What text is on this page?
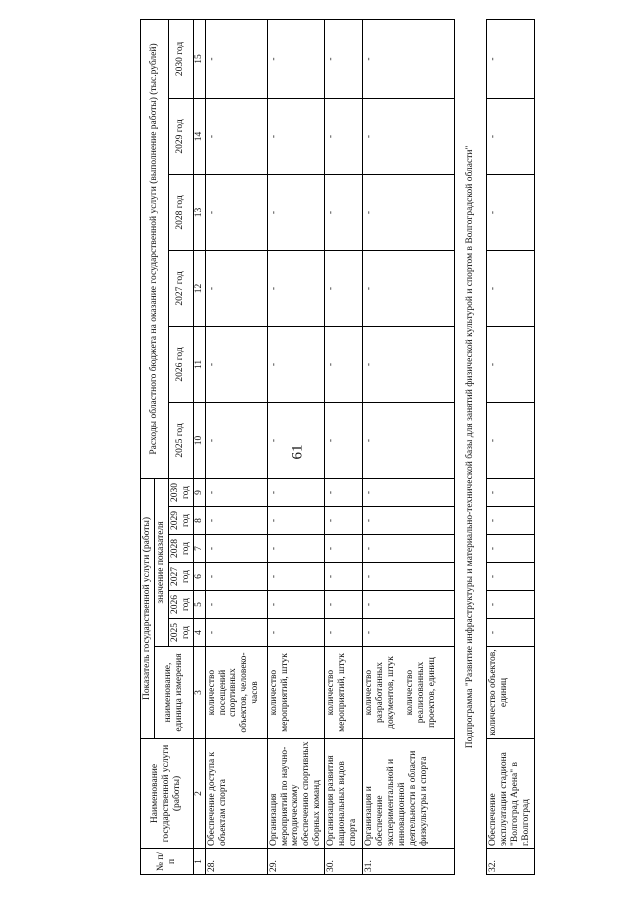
61
№ п/п	Наименование государственной услуги (работы)	Показатель государственной услуги (работы)							Расходы областного бюджета на оказание государственной услуги (выполнение работы) (тыс.рублей)					
		наименование, единица измерения	значение показателя											
			2025 год	2026 год	2027 год	2028 год	2029 год	2030 год	2025 год	2026 год	2027 год	2028 год	2029 год	2030 год
1	2	3	4	5	6	7	8	9	10	11	12	13	14	15
28.	Обеспечение доступа к объектам спорта	количество посещений спортивных объектов, человеко-часов	-	-	-	-	-	-	-	-	-	-	-	-
29.	Организация мероприятий по научно-методическому обеспечению спортивных сборных команд	количество мероприятий, штук	-	-	-	-	-	-	-	-	-	-	-	-
30.	Организация развития национальных видов спорта	количество мероприятий, штук	-	-	-	-	-	-	-	-	-	-	-	-
31.	Организация и обеспечение экспериментальной и инновационной деятельности в области физкультуры и спорта	количество разработанных документов, штук количество реализованных проектов, единиц	-	-	-	-	-	-	-	-	-	-	-	-
Подпрограмма "Развитие инфраструктуры и материально-технической базы для занятий физической культурой и спортом в Волгоградской области"														
32.	Обеспечение эксплуатации стадиона "Волгоград Арена" в г.Волгоград	количество объектов, единиц	-	-	-	-	-	-	-	-	-	-	-	-
